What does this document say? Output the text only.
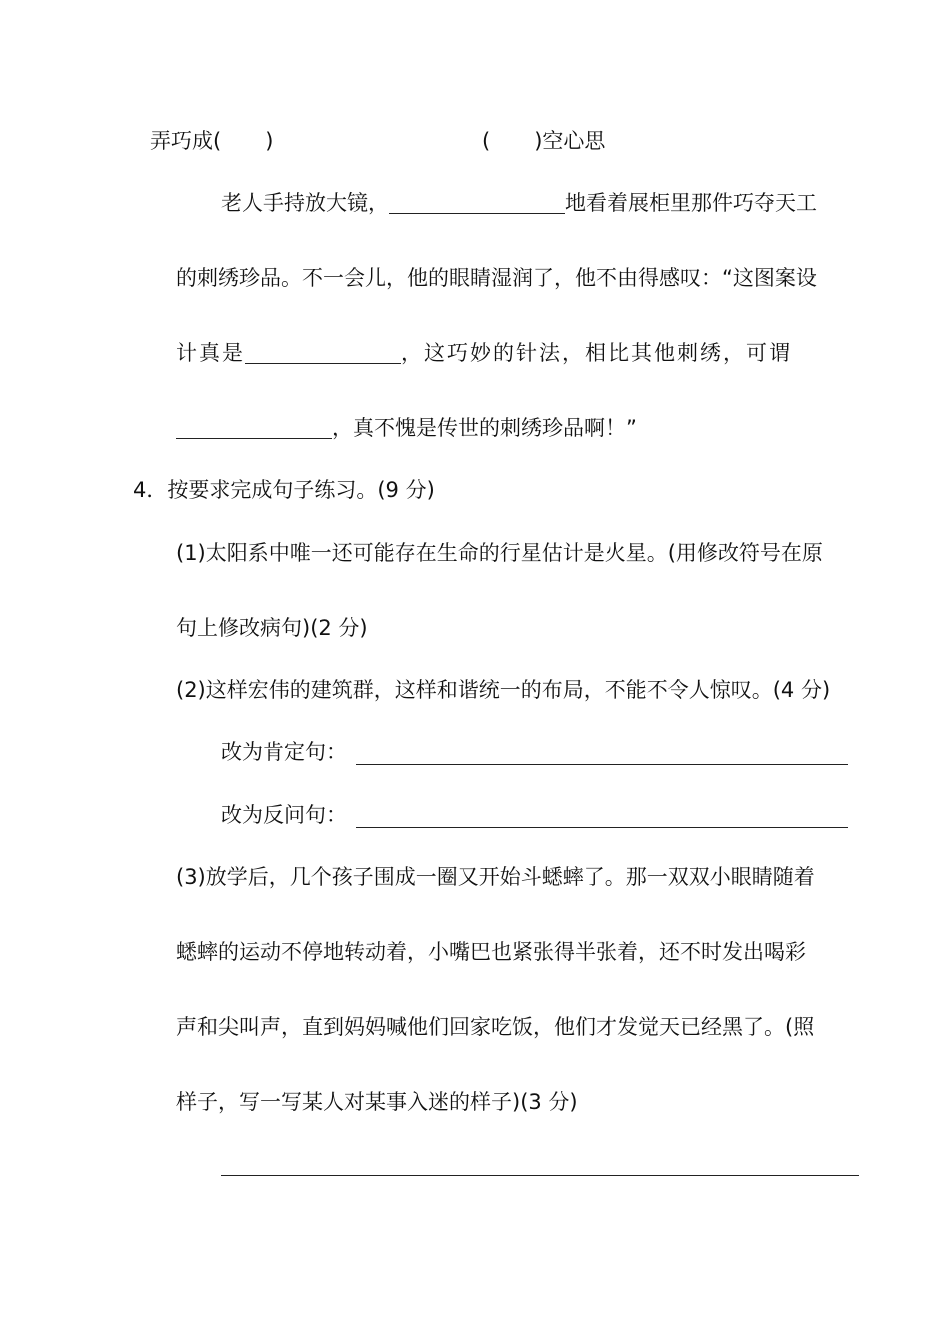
弄巧成( )	( )空心思
老人手持放大镜，	地看着展柜里那件巧夺天工
的刺绣珍品。不一会儿，他的眼睛湿润了，他不由得感叹：“这图案设
计真是	，这巧妙的针法，相比其他刺绣，可谓
，真不愧是传世的刺绣珍品啊！”
4．按要求完成句子练习。(9 分)
(1)太阳系中唯一还可能存在生命的行星估计是火星。(用修改符号在原
句上修改病句)(2 分)
(2)这样宏伟的建筑群，这样和谐统一的布局，不能不令人惊叹。(4 分)
改为肯定句：
改为反问句：
(3)放学后，几个孩子围成一圈又开始斗蟋蟀了。那一双双小眼睛随着
蟋蟀的运动不停地转动着，小嘴巴也紧张得半张着，还不时发出喝彩
声和尖叫声，直到妈妈喊他们回家吃饭，他们才发觉天已经黑了。(照
样子，写一写某人对某事入迷的样子)(3 分)
